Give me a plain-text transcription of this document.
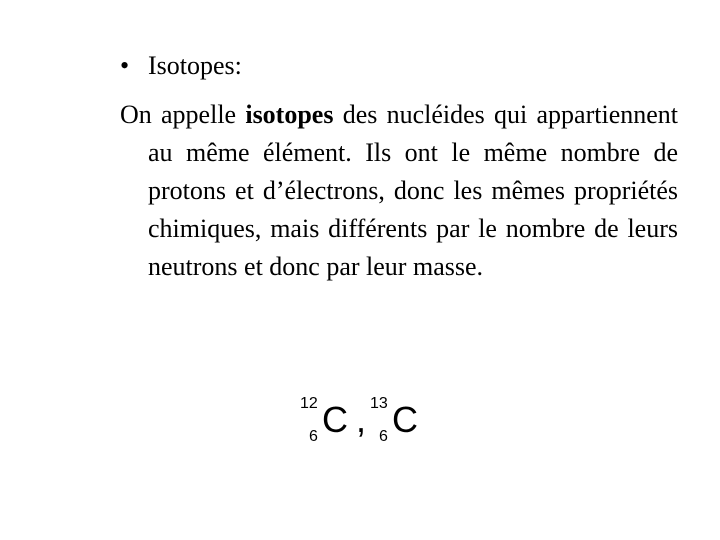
• Isotopes:
On appelle isotopes des nucléides qui appartiennent au même élément. Ils ont le même nombre de protons et d’électrons, donc les mêmes propriétés chimiques, mais différents par le nombre de leurs neutrons et donc par leur masse.
12
6 C , 13
6 C
